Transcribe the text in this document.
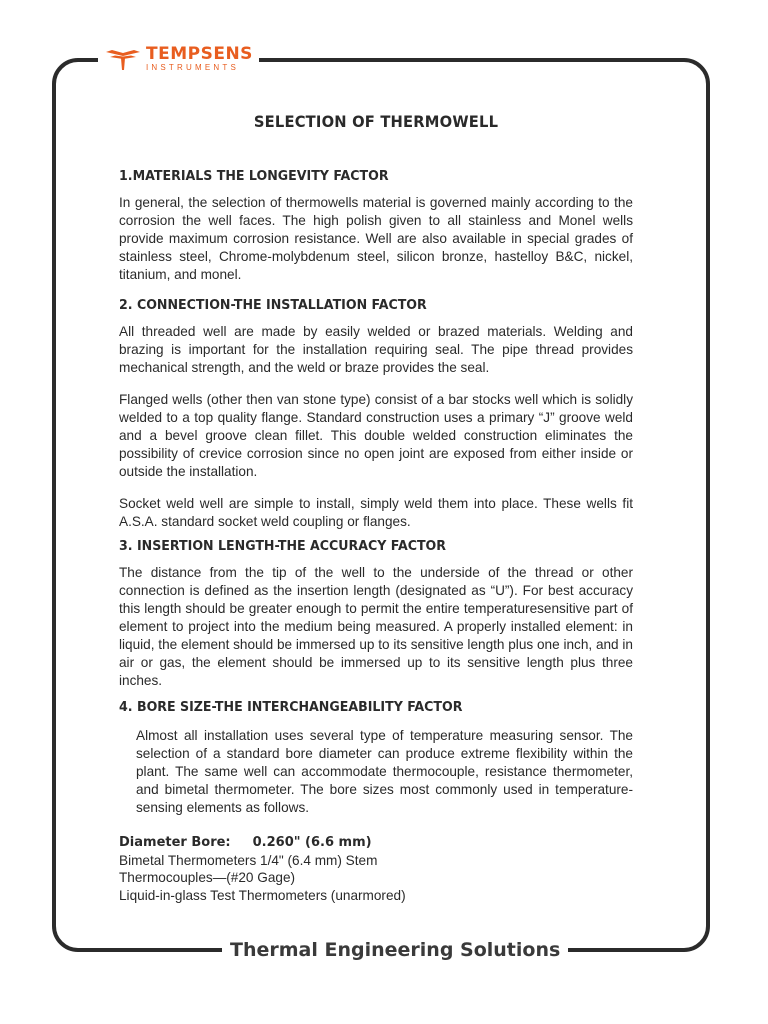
TEMPSENS
INSTRUMENTS
SELECTION OF THERMOWELL
1.MATERIALS THE LONGEVITY FACTOR

In general, the selection of thermowells material is governed mainly according to the corrosion the well faces. The high polish given to all stainless and Monel wells provide maximum corrosion resistance. Well are also available in special grades of stainless steel, Chrome-molybdenum steel, silicon bronze, hastelloy B&C, nickel, titanium, and monel.

2. CONNECTION-THE INSTALLATION FACTOR

All threaded well are made by easily welded or brazed materials. Welding and brazing is important for the installation requiring seal. The pipe thread provides mechanical strength, and the weld or braze provides the seal.

Flanged wells (other then van stone type) consist of a bar stocks well which is solidly welded to a top quality flange. Standard construction uses a primary “J” groove weld and a bevel groove clean fillet. This double welded construction eliminates the possibility of crevice corrosion since no open joint are exposed from either inside or outside the installation.

Socket weld well are simple to install, simply weld them into place. These wells fit A.S.A. standard socket weld coupling or flanges.

3. INSERTION LENGTH-THE ACCURACY FACTOR

The distance from the tip of the well to the underside of the thread or other connection is defined as the insertion length (designated as “U”). For best accuracy this length should be greater enough to permit the entire temperaturesensitive part of element to project into the medium being measured. A properly installed element: in liquid, the element should be immersed up to its sensitive length plus one inch, and in air or gas, the element should be immersed up to its sensitive length plus three inches.

4. BORE SIZE-THE INTERCHANGEABILITY FACTOR

Almost all installation uses several type of temperature measuring sensor. The selection of a standard bore diameter can produce extreme flexibility within the plant. The same well can accommodate thermocouple, resistance thermometer, and bimetal thermometer. The bore sizes most commonly used in temperature-sensing elements as follows.

Diameter Bore: 0.260" (6.6 mm)
Bimetal Thermometers 1/4" (6.4 mm) Stem
Thermocouples—(#20 Gage)
Liquid-in-glass Test Thermometers (unarmored)
Thermal Engineering Solutions
